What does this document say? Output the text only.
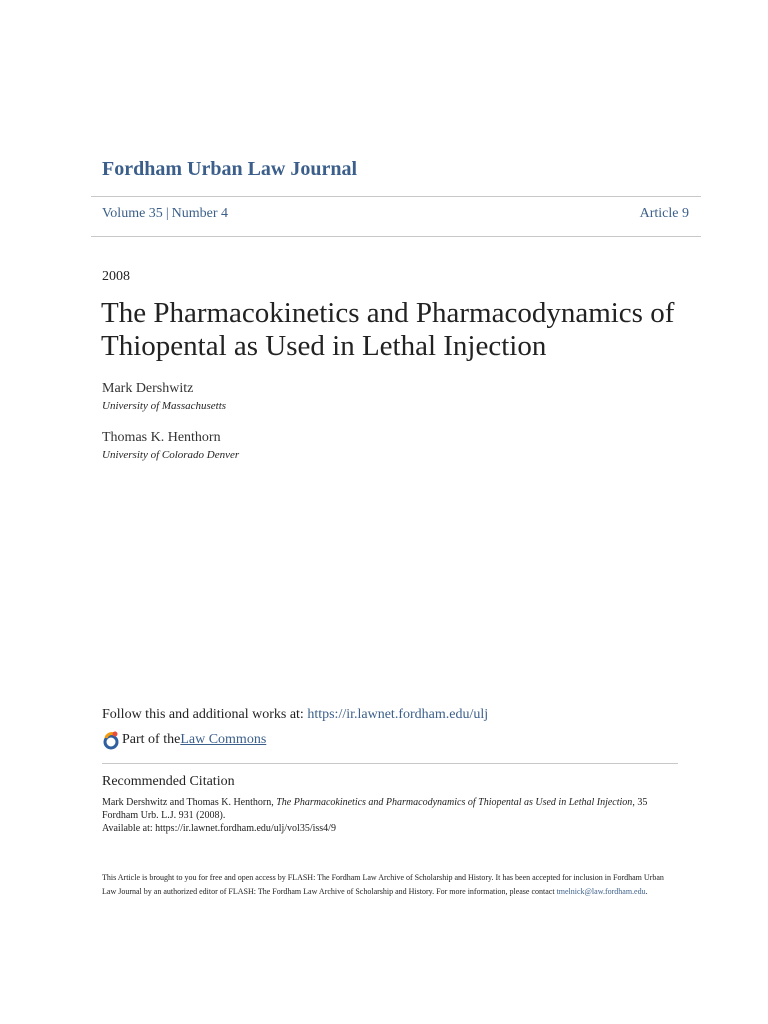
Fordham Urban Law Journal
Volume 35 | Number 4	Article 9
2008
The Pharmacokinetics and Pharmacodynamics of
Thiopental as Used in Lethal Injection
Mark Dershwitz
University of Massachusetts
Thomas K. Henthorn
University of Colorado Denver
Follow this and additional works at: https://ir.lawnet.fordham.edu/ulj
Part of the Law Commons
Recommended Citation
Mark Dershwitz and Thomas K. Henthorn, The Pharmacokinetics and Pharmacodynamics of Thiopental as Used in Lethal Injection, 35
Fordham Urb. L.J. 931 (2008).
Available at: https://ir.lawnet.fordham.edu/ulj/vol35/iss4/9
This Article is brought to you for free and open access by FLASH: The Fordham Law Archive of Scholarship and History. It has been accepted for inclusion in Fordham Urban Law Journal by an authorized editor of FLASH: The Fordham Law Archive of Scholarship and History. For more information, please contact tmelnick@law.fordham.edu.
